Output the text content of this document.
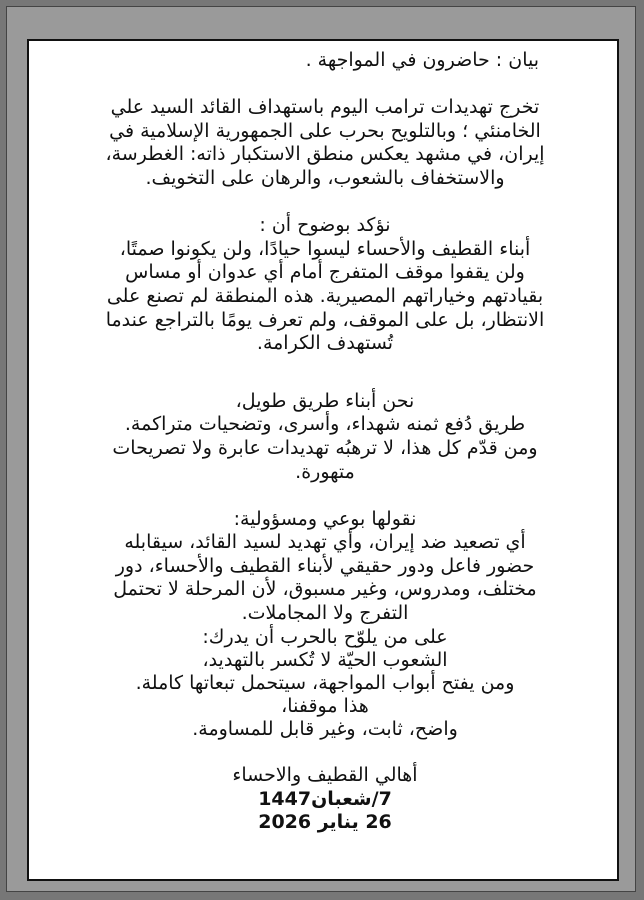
بيان : حاضرون في المواجهة .
تخرج تهديدات ترامب اليوم باستهداف القائد السيد علي
الخامنئي ؛ وبالتلويح بحرب على الجمهورية الإسلامية في
إيران، في مشهد يعكس منطق الاستكبار ذاته: الغطرسة،
والاستخفاف بالشعوب، والرهان على التخويف.
نؤكد بوضوح أن :
أبناء القطيف والأحساء ليسوا حيادًا، ولن يكونوا صمتًا،
ولن يقفوا موقف المتفرج أمام أي عدوان أو مساس
بقيادتهم وخياراتهم المصيرية. هذه المنطقة لم تصنع على
الانتظار، بل على الموقف، ولم تعرف يومًا بالتراجع عندما
تُستهدف الكرامة.
نحن أبناء طريق طويل،
طريق دُفع ثمنه شهداء، وأسرى، وتضحيات متراكمة.
ومن قدّم كل هذا، لا ترهبُه تهديدات عابرة ولا تصريحات
متهورة.
نقولها بوعي ومسؤولية:
أي تصعيد ضد إيران، وأي تهديد لسيد القائد، سيقابله
حضور فاعل ودور حقيقي لأبناء القطيف والأحساء، دور
مختلف، ومدروس، وغير مسبوق، لأن المرحلة لا تحتمل
التفرج ولا المجاملات.
على من يلوّح بالحرب أن يدرك:
الشعوب الحيّة لا تُكسر بالتهديد،
ومن يفتح أبواب المواجهة، سيتحمل تبعاتها كاملة.
هذا موقفنا،
واضح، ثابت، وغير قابل للمساومة.
أهالي القطيف والاحساء
7/شعبان1447
26 يناير 2026
